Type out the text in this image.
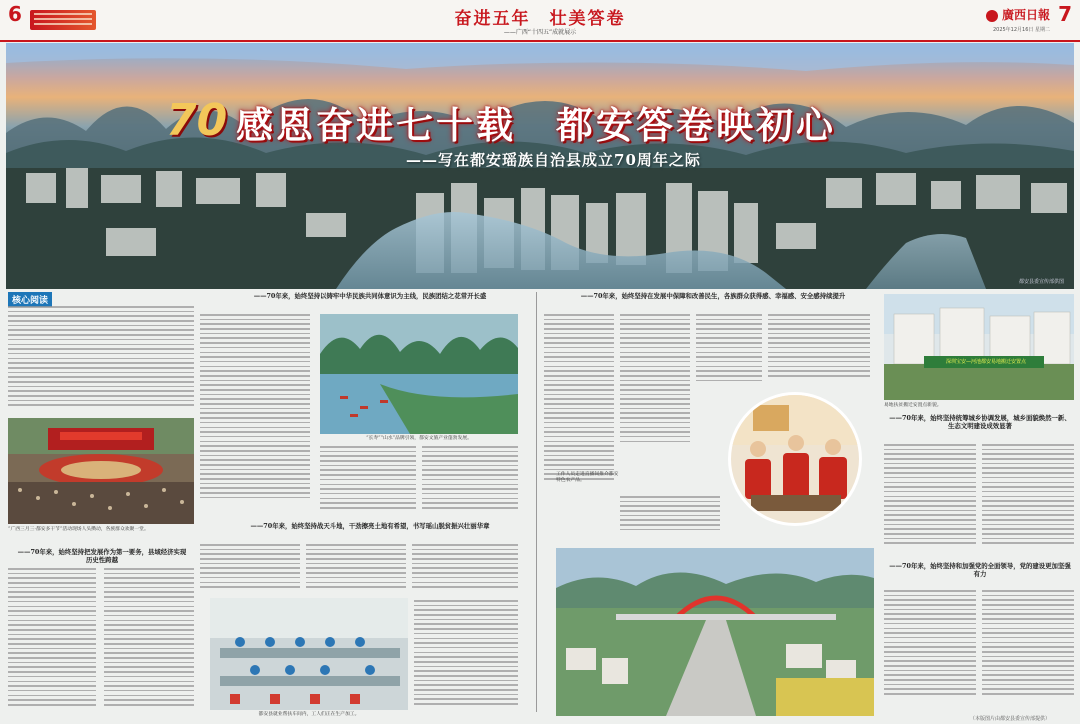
6	奋进五年　壮美答卷
——广西“十四五”成就展示
廣西日報
2025年12月16日 星期二
7
70 感恩奋进七十载　都安答卷映初心
——写在都安瑶族自治县成立70周年之际
都安县委宣传部供图
核心阅读
“广西三月三·都安多干节”活动现场人头攒动，各族群众欢聚一堂。
——70年来，始终坚持把发展作为第一要务，县域经济实现历史性跨越
——70年来，始终坚持以铸牢中华民族共同体意识为主线，民族团结之花常开长盛
“长寿”“山水”品牌引领，都安文旅产业蓬勃发展。
——70年来，始终坚持战天斗地，干劲擦亮土地有希望，书写瑶山脱贫振兴壮丽华章
都安县就业帮扶车间内，工人们正在生产加工。
——70年来，始终坚持在发展中保障和改善民生，各族群众获得感、幸福感、安全感持续提升
工作人员走进直播间推介都安特色农产品。
深圳宝安—河池都安易地搬迁安置点
易地扶贫搬迁安置点新貌。
——70年来，始终坚持统筹城乡协调发展，城乡面貌焕然一新、生态文明建设成效显著
——70年来，始终坚持和加强党的全面领导，党的建设更加坚强有力
（本版图片由都安县委宣传部提供）
